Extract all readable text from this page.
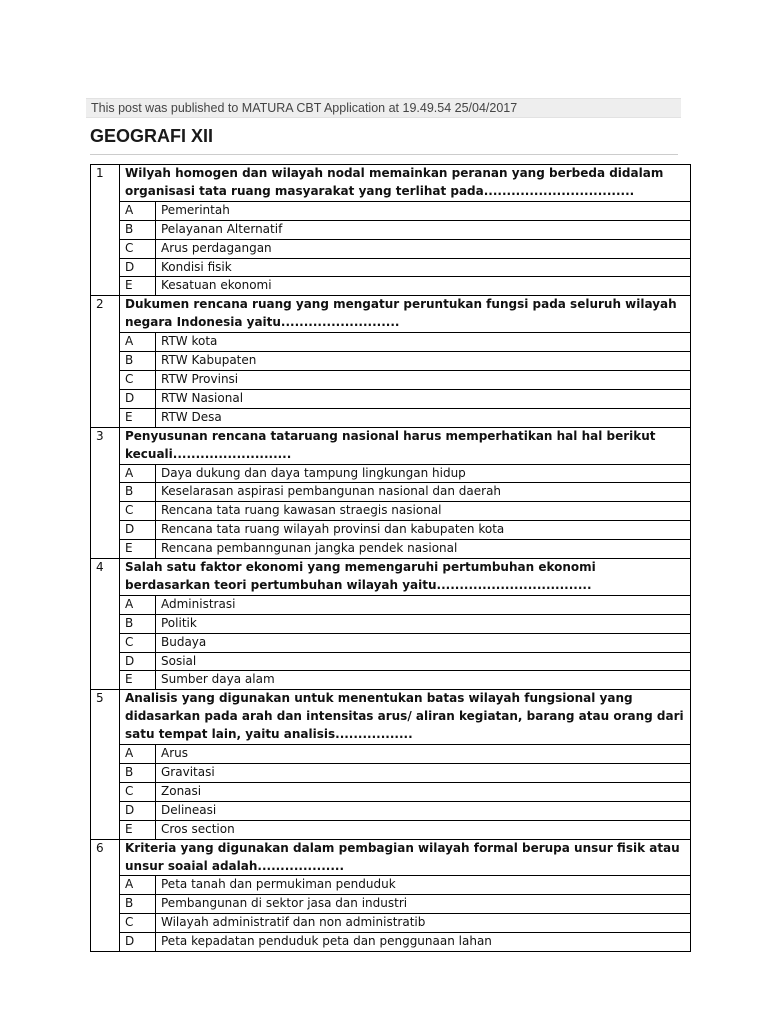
This post was published to MATURA CBT Application at 19.49.54 25/04/2017
GEOGRAFI XII
1	Wilyah homogen dan wilayah nodal memainkan peranan yang berbeda didalam organisasi tata ruang masyarakat yang terlihat pada.................................	
	A	Pemerintah
	B	Pelayanan Alternatif
	C	Arus perdagangan
	D	Kondisi fisik
	E	Kesatuan ekonomi
2	Dukumen rencana ruang yang mengatur peruntukan fungsi pada seluruh wilayah negara Indonesia yaitu..........................	
	A	RTW kota
	B	RTW Kabupaten
	C	RTW Provinsi
	D	RTW Nasional
	E	RTW Desa
3	Penyusunan rencana tataruang nasional harus memperhatikan hal hal berikut kecuali..........................	
	A	Daya dukung dan daya tampung lingkungan hidup
	B	Keselarasan aspirasi pembangunan nasional dan daerah
	C	Rencana tata ruang kawasan straegis nasional
	D	Rencana tata ruang wilayah provinsi dan kabupaten kota
	E	Rencana pembanngunan jangka pendek nasional
4	Salah satu faktor ekonomi yang memengaruhi pertumbuhan ekonomi berdasarkan teori pertumbuhan wilayah yaitu..................................	
	A	Administrasi
	B	Politik
	C	Budaya
	D	Sosial
	E	Sumber daya alam
5	Analisis yang digunakan untuk menentukan batas wilayah fungsional yang didasarkan pada arah dan intensitas arus/ aliran kegiatan, barang atau orang dari satu tempat lain, yaitu analisis.................	
	A	Arus
	B	Gravitasi
	C	Zonasi
	D	Delineasi
	E	Cros section
6	Kriteria yang digunakan dalam pembagian wilayah formal berupa unsur fisik atau unsur soaial adalah...................	
	A	Peta tanah dan permukiman penduduk
	B	Pembangunan di sektor jasa dan industri
	C	Wilayah administratif dan non administratib
	D	Peta kepadatan penduduk peta dan penggunaan lahan
